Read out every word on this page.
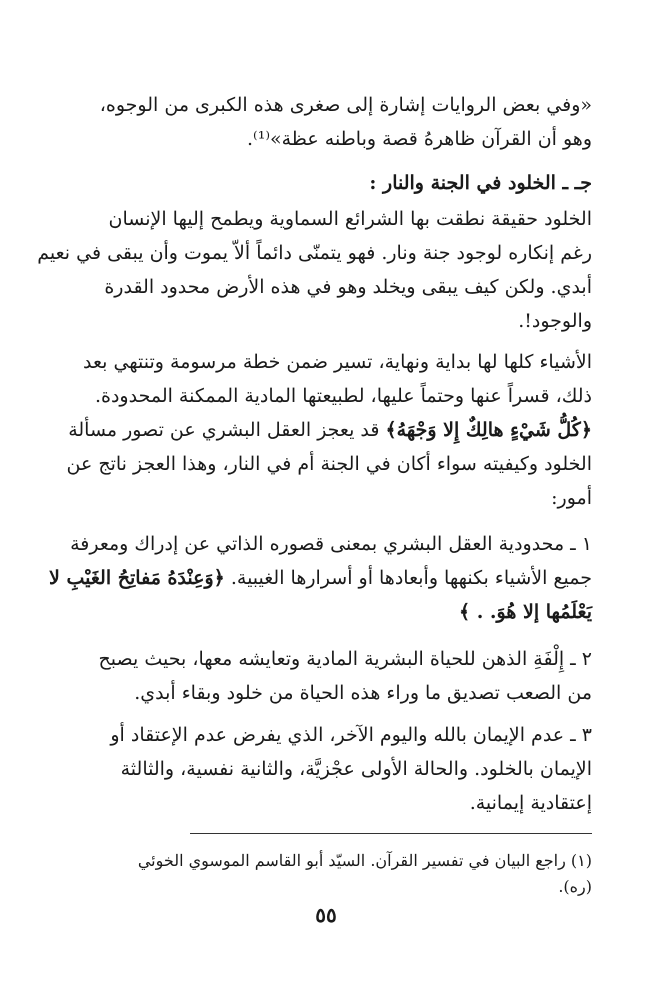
«وفي بعض الروايات إشارة إلى صغرى هذه الكبرى من الوجوه،
وهو أن القرآن ظاهرهُ قصة وباطنه عظة»⁽¹⁾.
جـ ـ الخلود في الجنة والنار :
الخلود حقيقة نطقت بها الشرائع السماوية ويطمح إليها الإنسان
رغم إنكاره لوجود جنة ونار. فهو يتمنّى دائماً ألاّ يموت وأن يبقى في نعيم
أبدي. ولكن كيف يبقى ويخلد وهو في هذه الأرض محدود القدرة
والوجود!.
الأشياء كلها لها بداية ونهاية، تسير ضمن خطة مرسومة وتنتهي بعد
ذلك، قسراً عنها وحتماً عليها، لطبيعتها المادية الممكنة المحدودة.
﴿كُلُّ شَيْءٍ هالِكٌ إِلا وَجْهَهُ﴾ قد يعجز العقل البشري عن تصور مسألة
الخلود وكيفيته سواء أكان في الجنة أم في النار، وهذا العجز ناتج عن
أمور:
١ ـ محدودية العقل البشري بمعنى قصوره الذاتي عن إدراك ومعرفة
جميع الأشياء بكنهها وأبعادها أو أسرارها الغيبية. ﴿وَعِنْدَهُ مَفاتِحُ الغَيْبِ لا
يَعْلَمُها إلا هُوَ. . ﴾
٢ ـ إِلْفَةِ الذهن للحياة البشرية المادية وتعايشه معها، بحيث يصبح
من الصعب تصديق ما وراء هذه الحياة من خلود وبقاء أبدي.
٣ ـ عدم الإيمان بالله واليوم الآخر، الذي يفرض عدم الإعتقاد أو
الإيمان بالخلود. والحالة الأولى عجْزيَّة، والثانية نفسية، والثالثة
إعتقادية إيمانية.
(١) راجع البيان في تفسير القرآن. السيّد أبو القاسم الموسوي الخوئي (ره).
٥٥
